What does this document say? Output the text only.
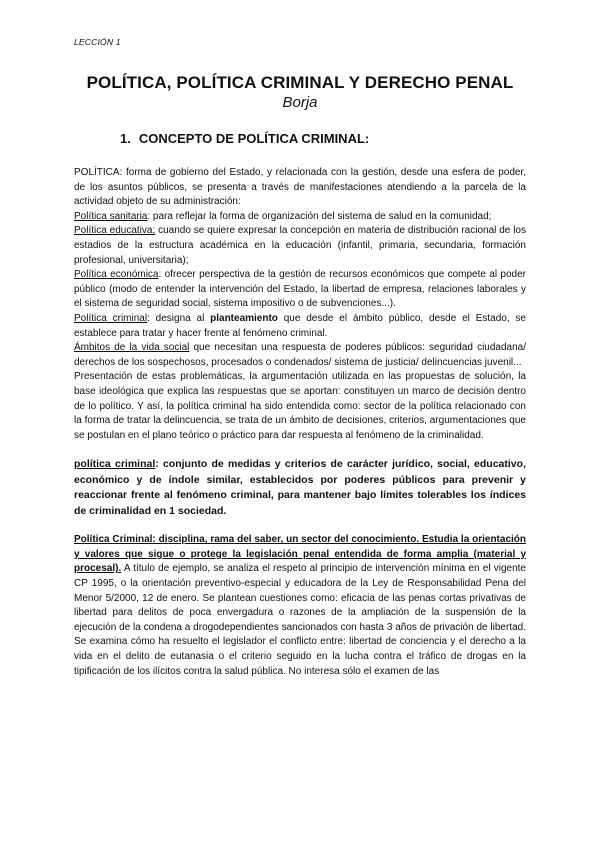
LECCIÓN 1
POLÍTICA, POLÍTICA CRIMINAL Y DERECHO PENAL
Borja
1. CONCEPTO DE POLÍTICA CRIMINAL:

POLÍTICA: forma de gobierno del Estado, y relacionada con la gestión, desde una esfera de poder, de los asuntos públicos, se presenta a través de manifestaciones atendiendo a la parcela de la actividad objeto de su administración:

Política sanitaria: para reflejar la forma de organización del sistema de salud en la comunidad;

Política educativa; cuando se quiere expresar la concepción en materia de distribución racional de los estadios de la estructura académica en la educación (infantil, primaria, secundaria, formación profesional, universitaria);

Política económica: ofrecer perspectiva de la gestión de recursos económicos que compete al poder público (modo de entender la intervención del Estado, la libertad de empresa, relaciones laborales y el sistema de seguridad social, sistema impositivo o de subvenciones...).

Política criminal: designa al planteamiento que desde el ámbito público, desde el Estado, se establece para tratar y hacer frente al fenómeno criminal.

Ámbitos de la vida social que necesitan una respuesta de poderes públicos: seguridad ciudadana/ derechos de los sospechosos, procesados o condenados/ sistema de justicia/ delincuencias juvenil...

Presentación de estas problemáticas, la argumentación utilizada en las propuestas de solución, la base ideológica que explica las respuestas que se aportan: constituyen un marco de decisión dentro de lo político. Y así, la política criminal ha sido entendida como: sector de la política relacionado con la forma de tratar la delincuencia, se trata de un ámbito de decisiones, criterios, argumentaciones que se postulan en el plano teórico o práctico para dar respuesta al fenómeno de la criminalidad.

política criminal: conjunto de medidas y criterios de carácter jurídico, social, educativo, económico y de índole similar, establecidos por poderes públicos para prevenir y reaccionar frente al fenómeno criminal, para mantener bajo límites tolerables los índices de criminalidad en 1 sociedad.

Política Criminal: disciplina, rama del saber, un sector del conocimiento. Estudia la orientación y valores que sigue o protege la legislación penal entendida de forma amplia (material y procesal). A título de ejemplo, se analiza el respeto al principio de intervención mínima en el vigente CP 1995, o la orientación preventivo-especial y educadora de la Ley de Responsabilidad Pena del Menor 5/2000, 12 de enero. Se plantean cuestiones como: eficacia de las penas cortas privativas de libertad para delitos de poca envergadura o razones de la ampliación de la suspensión de la ejecución de la condena a drogodependientes sancionados con hasta 3 años de privación de libertad. Se examina cómo ha resuelto el legislador el conflicto entre: libertad de conciencia y el derecho a la vida en el delito de eutanasia o el criterio seguido en la lucha contra el tráfico de drogas en la tipificación de los ilícitos contra la salud pública. No interesa sólo el examen de las
